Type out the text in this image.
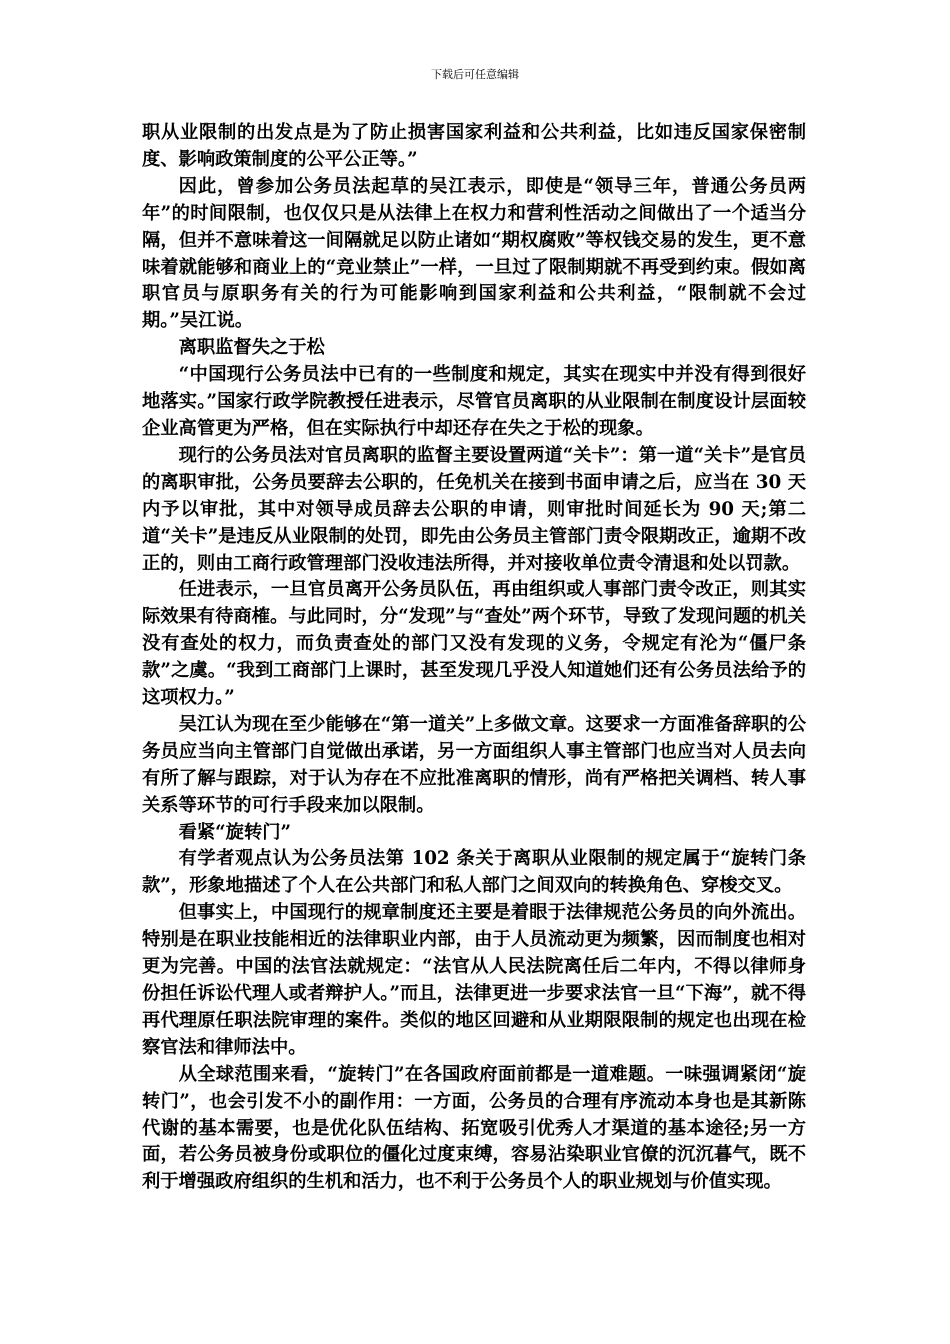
下载后可任意编辑

职从业限制的出发点是为了防止损害国家利益和公共利益，比如违反国家保密制度、影响政策制度的公平公正等。”

因此，曾参加公务员法起草的吴江表示，即使是“领导三年，普通公务员两年”的时间限制，也仅仅只是从法律上在权力和营利性活动之间做出了一个适当分隔，但并不意味着这一间隔就足以防止诸如“期权腐败”等权钱交易的发生，更不意味着就能够和商业上的“竞业禁止”一样，一旦过了限制期就不再受到约束。假如离职官员与原职务有关的行为可能影响到国家利益和公共利益，“限制就不会过期。”吴江说。

离职监督失之于松

“中国现行公务员法中已有的一些制度和规定，其实在现实中并没有得到很好地落实。”国家行政学院教授任进表示，尽管官员离职的从业限制在制度设计层面较企业高管更为严格，但在实际执行中却还存在失之于松的现象。

现行的公务员法对官员离职的监督主要设置两道“关卡”：第一道“关卡”是官员的离职审批，公务员要辞去公职的，任免机关在接到书面申请之后，应当在 30 天内予以审批，其中对领导成员辞去公职的申请，则审批时间延长为 90 天;第二道“关卡”是违反从业限制的处罚，即先由公务员主管部门责令限期改正，逾期不改正的，则由工商行政管理部门没收违法所得，并对接收单位责令清退和处以罚款。

任进表示，一旦官员离开公务员队伍，再由组织或人事部门责令改正，则其实际效果有待商榷。与此同时，分“发现”与“查处”两个环节，导致了发现问题的机关没有查处的权力，而负责查处的部门又没有发现的义务，令规定有沦为“僵尸条款”之虞。“我到工商部门上课时，甚至发现几乎没人知道她们还有公务员法给予的这项权力。”

吴江认为现在至少能够在“第一道关”上多做文章。这要求一方面准备辞职的公务员应当向主管部门自觉做出承诺，另一方面组织人事主管部门也应当对人员去向有所了解与跟踪，对于认为存在不应批准离职的情形，尚有严格把关调档、转人事关系等环节的可行手段来加以限制。

看紧“旋转门”

有学者观点认为公务员法第 102 条关于离职从业限制的规定属于“旋转门条款”，形象地描述了个人在公共部门和私人部门之间双向的转换角色、穿梭交叉。

但事实上，中国现行的规章制度还主要是着眼于法律规范公务员的向外流出。特别是在职业技能相近的法律职业内部，由于人员流动更为频繁，因而制度也相对更为完善。中国的法官法就规定：“法官从人民法院离任后二年内，不得以律师身份担任诉讼代理人或者辩护人。”而且，法律更进一步要求法官一旦“下海”，就不得再代理原任职法院审理的案件。类似的地区回避和从业期限限制的规定也出现在检察官法和律师法中。

从全球范围来看，“旋转门”在各国政府面前都是一道难题。一味强调紧闭“旋转门”，也会引发不小的副作用：一方面，公务员的合理有序流动本身也是其新陈代谢的基本需要，也是优化队伍结构、拓宽吸引优秀人才渠道的基本途径;另一方面，若公务员被身份或职位的僵化过度束缚，容易沾染职业官僚的沉沉暮气，既不利于增强政府组织的生机和活力，也不利于公务员个人的职业规划与价值实现。
